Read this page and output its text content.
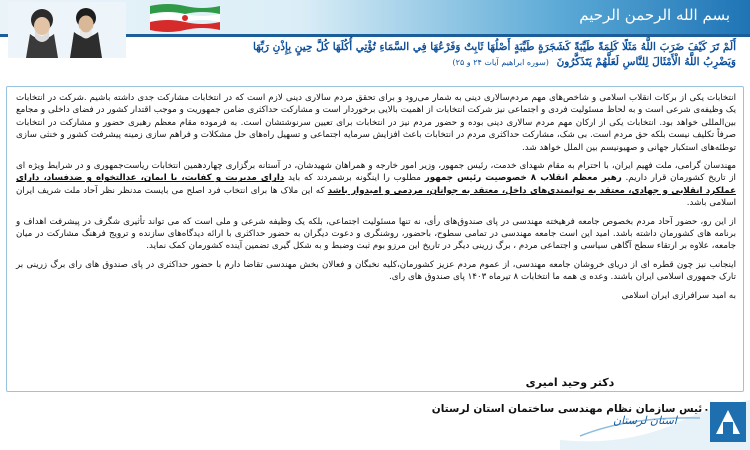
بسم الله الرحمن الرحیم
أَلَمْ تَرَ كَيْفَ ضَرَبَ اللَّهُ مَثَلًا كَلِمَةً طَيِّبَةً كَشَجَرَةٍ طَيِّبَةٍ أَصْلُهَا ثَابِتٌ وَفَرْعُهَا فِي السَّمَاءِ تُؤْتِي أُكُلَهَا كُلَّ حِينٍ بِإِذْنِ رَبِّهَا وَيَضْرِبُ اللَّهُ الْأَمْثَالَ لِلنَّاسِ لَعَلَّهُمْ يَتَذَكَّرُونَ (سوره ابراهیم آیات ۲۴ و ۲۵)

انتخابات یکی از برکات انقلاب اسلامی و شاخص‌های مهم مردم‌سالاری دینی به شمار می‌رود و برای تحقق مردم سالاری دینی لازم است که در انتخابات مشارکت جدی داشته باشیم .شرکت در انتخابات یک وظیفه‌ی شرعی است و به لحاظ مسئولیت فردی و اجتماعی نیز شرکت انتخابات از اهمیت بالایی برخوردار است و مشارکت حداکثری ضامن جمهوریت و موجب اقتدار کشور در فضای داخلی و مجامع بین‌المللی خواهد بود. انتخابات یکی از ارکان مهم مردم سالاری دینی بوده و حضور مردم نیز در انتخابات برای تعیین سرنوشتشان است. به فرموده مقام معظم رهبری حضور و مشارکت در انتخابات صرفاً تکلیف نیست بلکه حق مردم است. بی شک، مشارکت حداکثری مردم در انتخابات باعث افزایش سرمایه اجتماعی و تسهیل راه‌های حل مشکلات و فراهم سازی زمینه پیشرفت کشور و خنثی سازی توطئه‌های استکبار جهانی و صهیونیسم بین الملل خواهد شد.

مهندسان گرامی، ملت فهیم ایران، با احترام به مقام شهدای خدمت، رئیس جمهور، وزیر امور خارجه و همراهان شهیدشان، در آستانه برگزاری چهاردهمین انتخابات ریاست‌جمهوری و در شرایط ویژه ای از تاریخ کشورمان قرار داریم. رهبر معظم انقلاب ۸ خصوصیت رئیس جمهور مطلوب را اینگونه برشمردند که باید دارای مدیریت و کفایت، با ایمان، عدالتخواه و ضدفساد، دارای عملکرد انقلابی و جهادی، معتقد به توانمندی‌های داخل، معتقد به جوانان، مردمی و امیدوار باشد که این ملاک ها برای انتخاب فرد اصلح می بایست مدنظر نظر آحاد ملت شریف ایران اسلامی باشد.

از این رو، حضور آحاد مردم بخصوص جامعه فرهیخته مهندسی در پای صندوق‌های رأی، نه تنها مسئولیت اجتماعی، بلکه یک وظیفه شرعی و ملی است که می تواند تأثیری شگرف در پیشرفت اهداف و برنامه های کشورمان داشته باشد. امید این است جامعه مهندسی در تمامی سطوح، باحضور، روشنگری و دعوت دیگران به حضور حداکثری با ارائه دیدگاه‌های سازنده و ترویج فرهنگ مشارکت در میان جامعه، علاوه بر ارتقاء سطح آگاهی سیاسی و اجتماعی مردم ، برگ زرینی دیگر در تاریخ این مرزو بوم ثبت وضبط و به شکل گیری تضمین آینده کشورمان کمک نماید.

اینجانب نیز چون قطره ای از دریای خروشان جامعه مهندسی، از عموم مردم عزیز کشورمان،کلیه نخبگان و فعالان بخش مهندسی تقاضا دارم با حضور حداکثری در پای صندوق های رای برگ زرینی بر تارک جمهوری اسلامی ایران باشند. وعده ی همه ما انتخابات ۸ تیرماه ۱۴۰۳ پای صندوق های رای.

به امید سرافرازی ایران اسلامی

دکتر وحید امیری
رئیس سازمان نظام مهندسی ساختمان استان لرستان
استان لرستان
